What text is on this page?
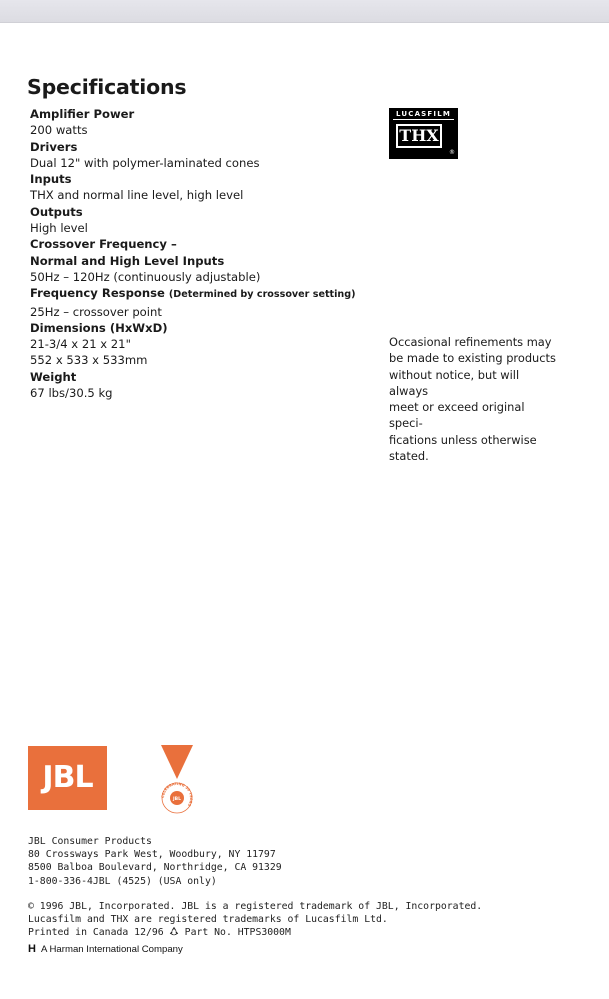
Specifications
Amplifier Power
200 watts
Drivers
Dual 12" with polymer-laminated cones
Inputs
THX and normal line level, high level
Outputs
High level
Crossover Frequency –
Normal and High Level Inputs
50Hz – 120Hz (continuously adjustable)
Frequency Response (Determined by crossover setting)
25Hz – crossover point
Dimensions (HxWxD)
21-3/4 x 21 x 21"
552 x 533 x 533mm
Weight
67 lbs/30.5 kg
LUCASFILM
THX
®
Occasional refinements may
be made to existing products
without notice, but will always
meet or exceed original speci-
fications unless otherwise
stated.
JBL
JBL
CELEBRATING 50 YEARS
JBL Consumer Products
80 Crossways Park West, Woodbury, NY 11797
8500 Balboa Boulevard, Northridge, CA 91329
1-800-336-4JBL (4525) (USA only)
© 1996 JBL, Incorporated. JBL is a registered trademark of JBL, Incorporated.
Lucasfilm and THX are registered trademarks of Lucasfilm Ltd.
Printed in Canada 12/96 Part No. HTPS3000M
H A Harman International Company
